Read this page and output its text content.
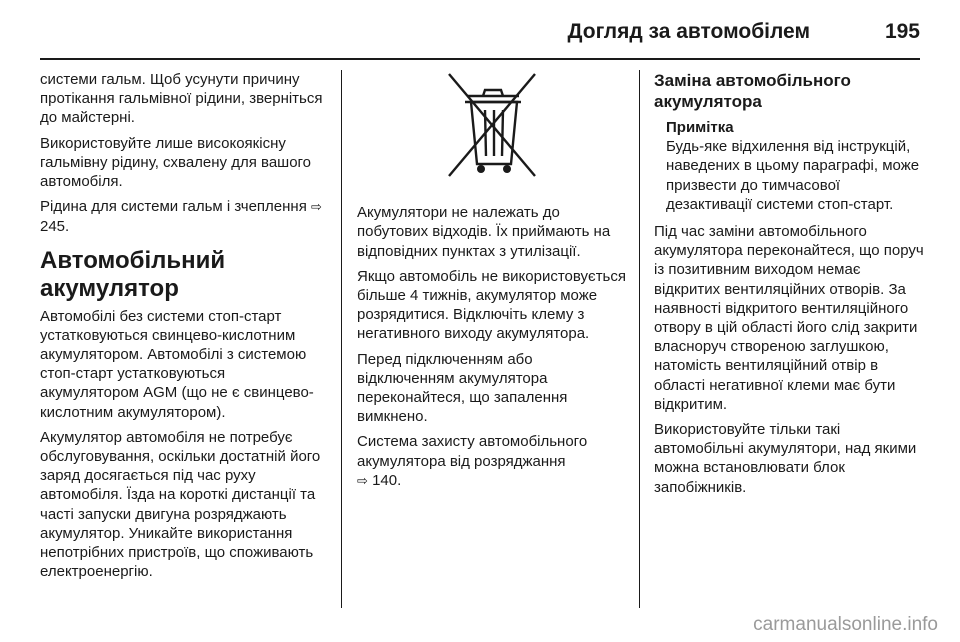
Догляд за автомобілем	195

системи гальм. Щоб усунути причину протікання гальмівної рідини, зверніться до майстерні.

Використовуйте лише високоякісну гальмівну рідину, схвалену для вашого автомобіля.

Рідина для системи гальм і зчеплення ⇨ 245.

Автомобільний акумулятор

Автомобілі без системи стоп-старт устатковуються свинцево-кислотним акумулятором. Автомобілі з системою стоп-старт устатковуються акумулятором AGM (що не є свинцево-кислотним акумулятором).

Акумулятор автомобіля не потребує обслуговування, оскільки достатній його заряд досягається під час руху автомобіля. Їзда на короткі дистанції та часті запуски двигуна розряджають акумулятор. Уникайте використання непотрібних пристроїв, що споживають електроенергію.

Акумулятори не належать до побутових відходів. Їх приймають на відповідних пунктах з утилізації.

Якщо автомобіль не використовується більше 4 тижнів, акумулятор може розрядитися. Відключіть клему з негативного виходу акумулятора.

Перед підключенням або відключенням акумулятора переконайтеся, що запалення вимкнено.

Система захисту автомобільного акумулятора від розряджання
⇨ 140.

Заміна автомобільного акумулятора
Примітка
Будь-яке відхилення від інструкцій, наведених в цьому параграфі, може призвести до тимчасової дезактивації системи стоп-старт.

Під час заміни автомобільного акумулятора переконайтеся, що поруч із позитивним виходом немає відкритих вентиляційних отворів. За наявності відкритого вентиляційного отвору в цій області його слід закрити власноруч створеною заглушкою, натомість вентиляційний отвір в області негативної клеми має бути відкритим.

Використовуйте тільки такі автомобільні акумулятори, над якими можна встановлювати блок запобіжників.

carmanualsonline.info
